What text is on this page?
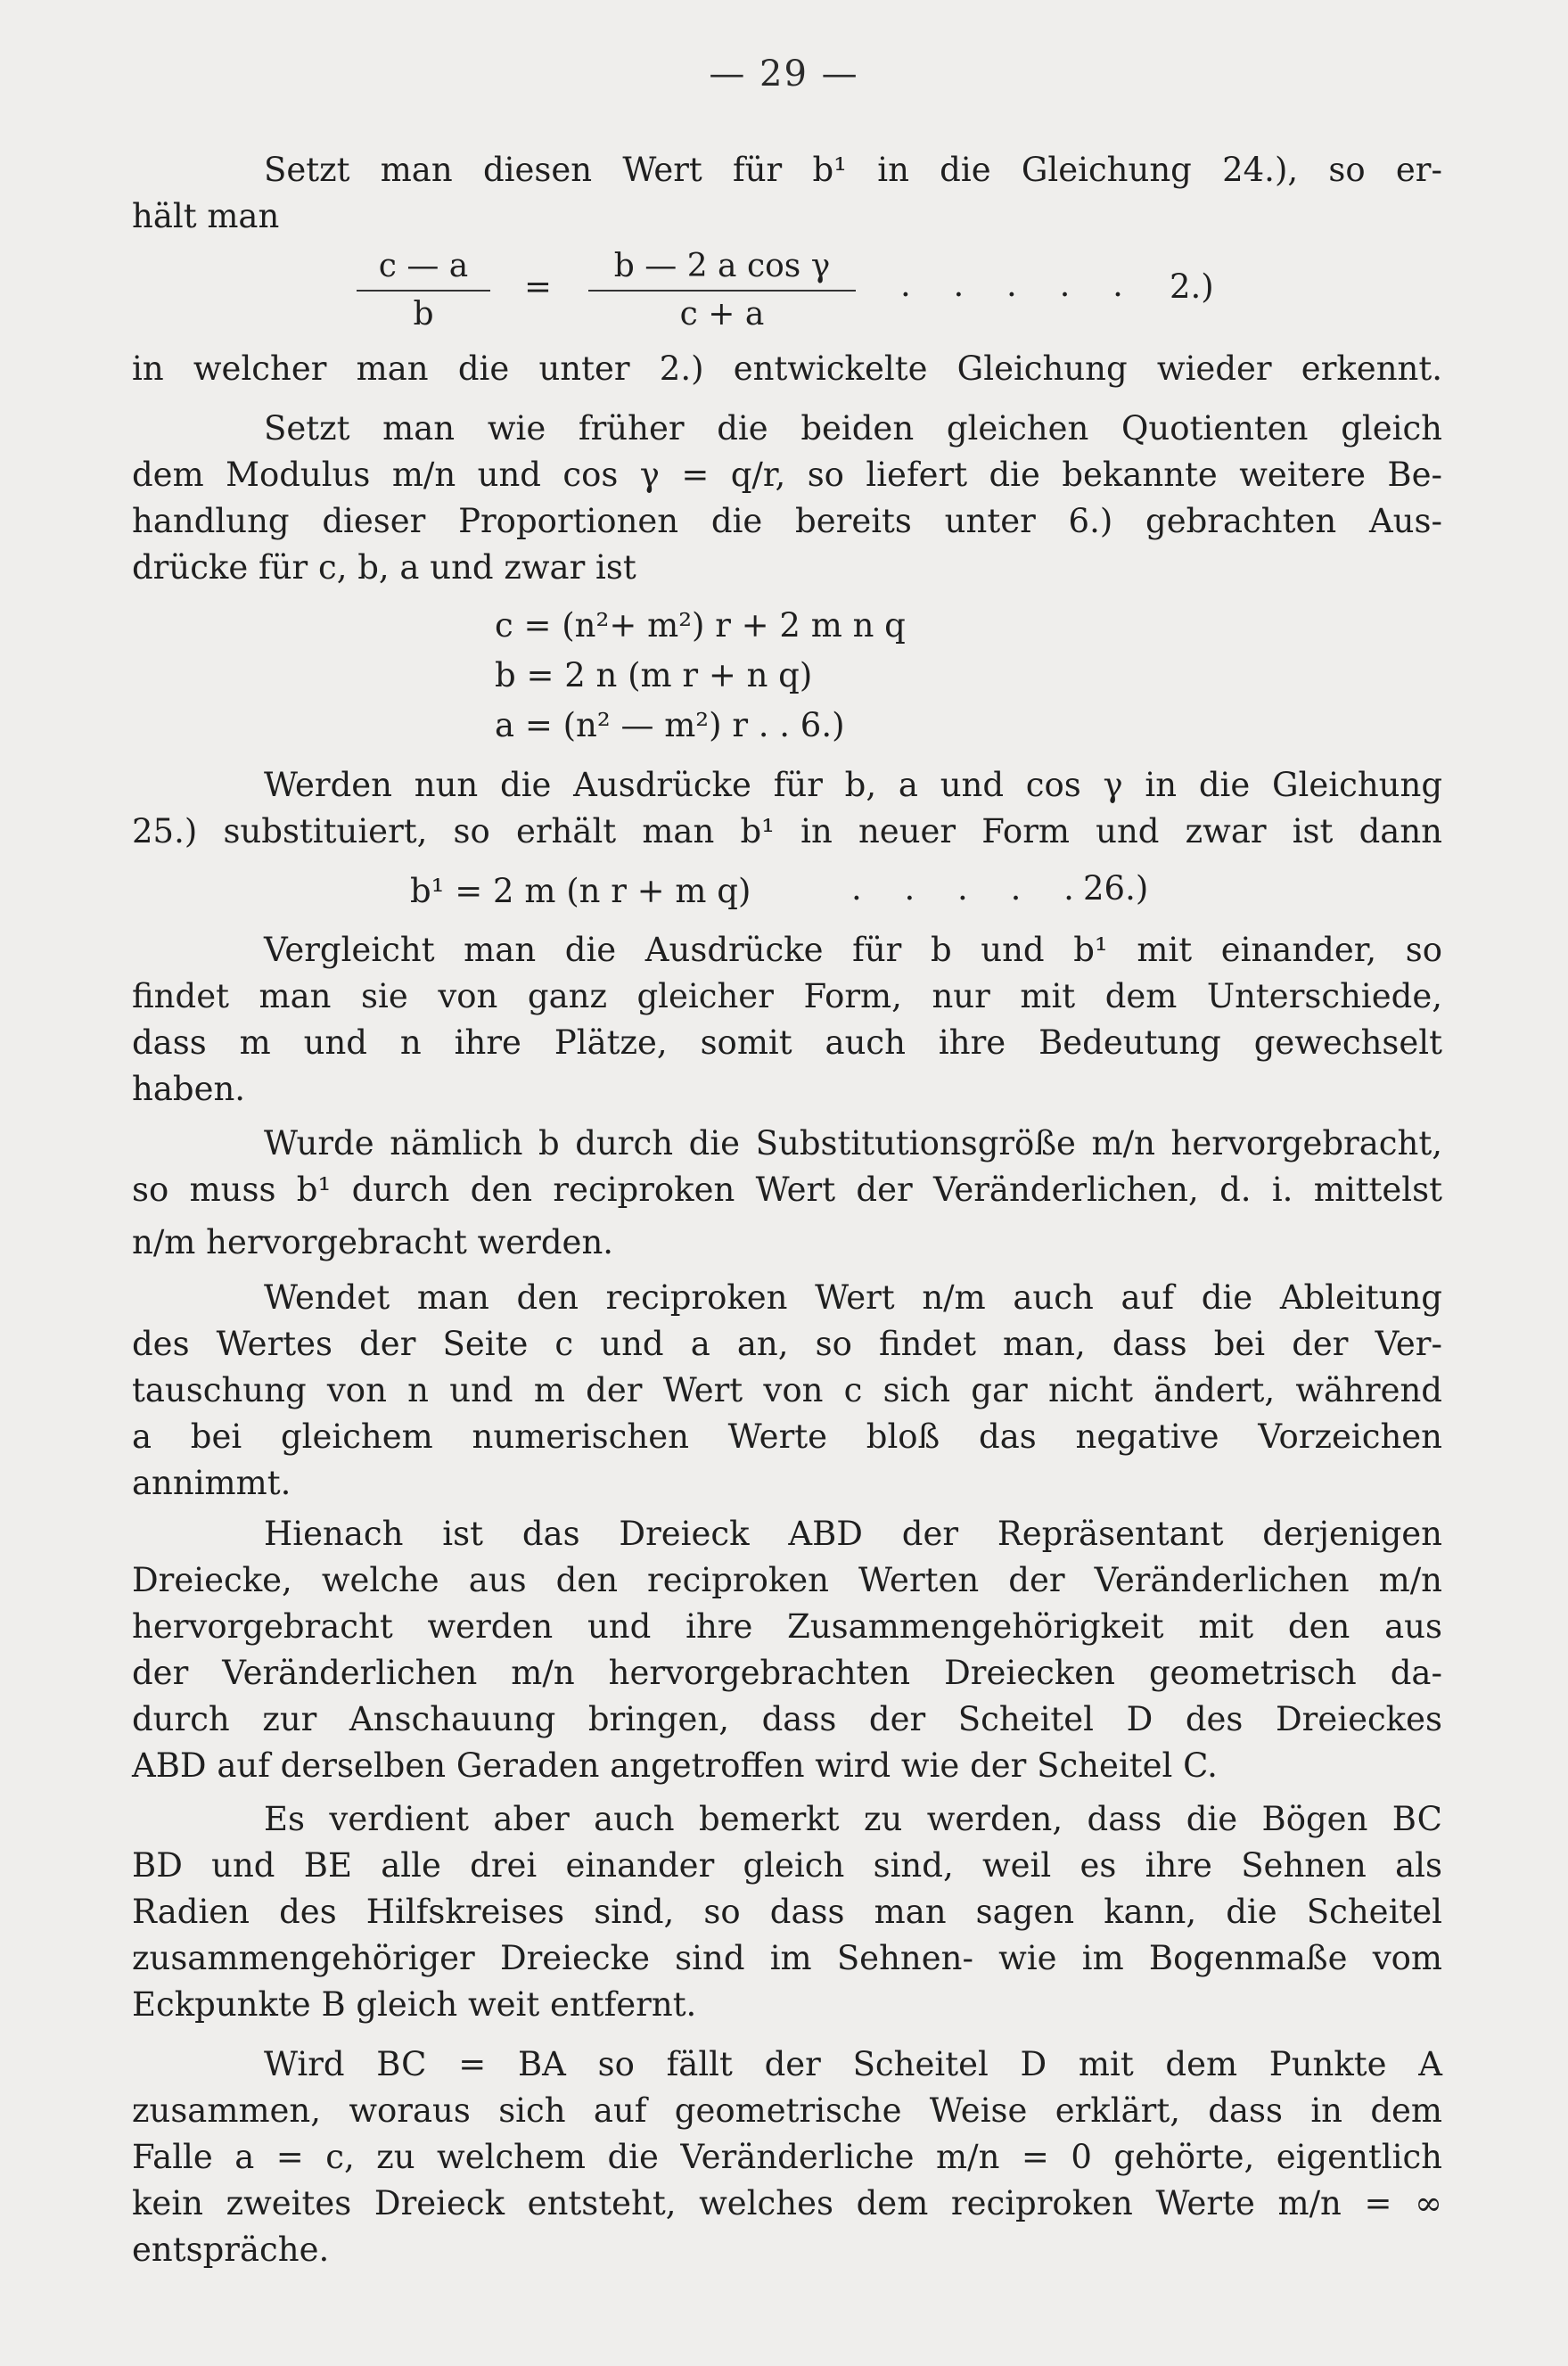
— 29 —
Setzt man diesen Wert für b¹ in die Gleichung 24.), so er-
hält man
c — a
b
=
b — 2 a cos γ
c + a
. . . . . 2.)
in welcher man die unter 2.) entwickelte Gleichung wieder erkennt.
Setzt man wie früher die beiden gleichen Quotienten gleich
dem Modulus m/n und cos γ = q/r, so liefert die bekannte weitere Be-
handlung dieser Proportionen die bereits unter 6.) gebrachten Aus-
drücke für c, b, a und zwar ist
c = (n²+ m²) r + 2 m n q
b = 2 n (m r + n q)
a = (n² — m²) r . . 6.)
Werden nun die Ausdrücke für b, a und cos γ in die Gleichung
25.) substituiert, so erhält man b¹ in neuer Form und zwar ist dann
b¹ = 2 m (n r + m q)	. . . . .
26.)
Vergleicht man die Ausdrücke für b und b¹ mit einander, so
findet man sie von ganz gleicher Form, nur mit dem Unterschiede,
dass m und n ihre Plätze, somit auch ihre Bedeutung gewechselt
haben.
Wurde nämlich b durch die Substitutionsgröße m/n hervorgebracht,
so muss b¹ durch den reciproken Wert der Veränderlichen, d. i. mittelst
n/m hervorgebracht werden.
Wendet man den reciproken Wert n/m auch auf die Ableitung
des Wertes der Seite c und a an, so findet man, dass bei der Ver-
tauschung von n und m der Wert von c sich gar nicht ändert, während
a bei gleichem numerischen Werte bloß das negative Vorzeichen
annimmt.
Hienach ist das Dreieck ABD der Repräsentant derjenigen
Dreiecke, welche aus den reciproken Werten der Veränderlichen m/n
hervorgebracht werden und ihre Zusammengehörigkeit mit den aus
der Veränderlichen m/n hervorgebrachten Dreiecken geometrisch da-
durch zur Anschauung bringen, dass der Scheitel D des Dreieckes
ABD auf derselben Geraden angetroffen wird wie der Scheitel C.
Es verdient aber auch bemerkt zu werden, dass die Bögen BC
BD und BE alle drei einander gleich sind, weil es ihre Sehnen als
Radien des Hilfskreises sind, so dass man sagen kann, die Scheitel
zusammengehöriger Dreiecke sind im Sehnen- wie im Bogenmaße vom
Eckpunkte B gleich weit entfernt.
Wird BC = BA so fällt der Scheitel D mit dem Punkte A
zusammen, woraus sich auf geometrische Weise erklärt, dass in dem
Falle a = c, zu welchem die Veränderliche m/n = 0 gehörte, eigentlich
kein zweites Dreieck entsteht, welches dem reciproken Werte m/n = ∞
entspräche.
